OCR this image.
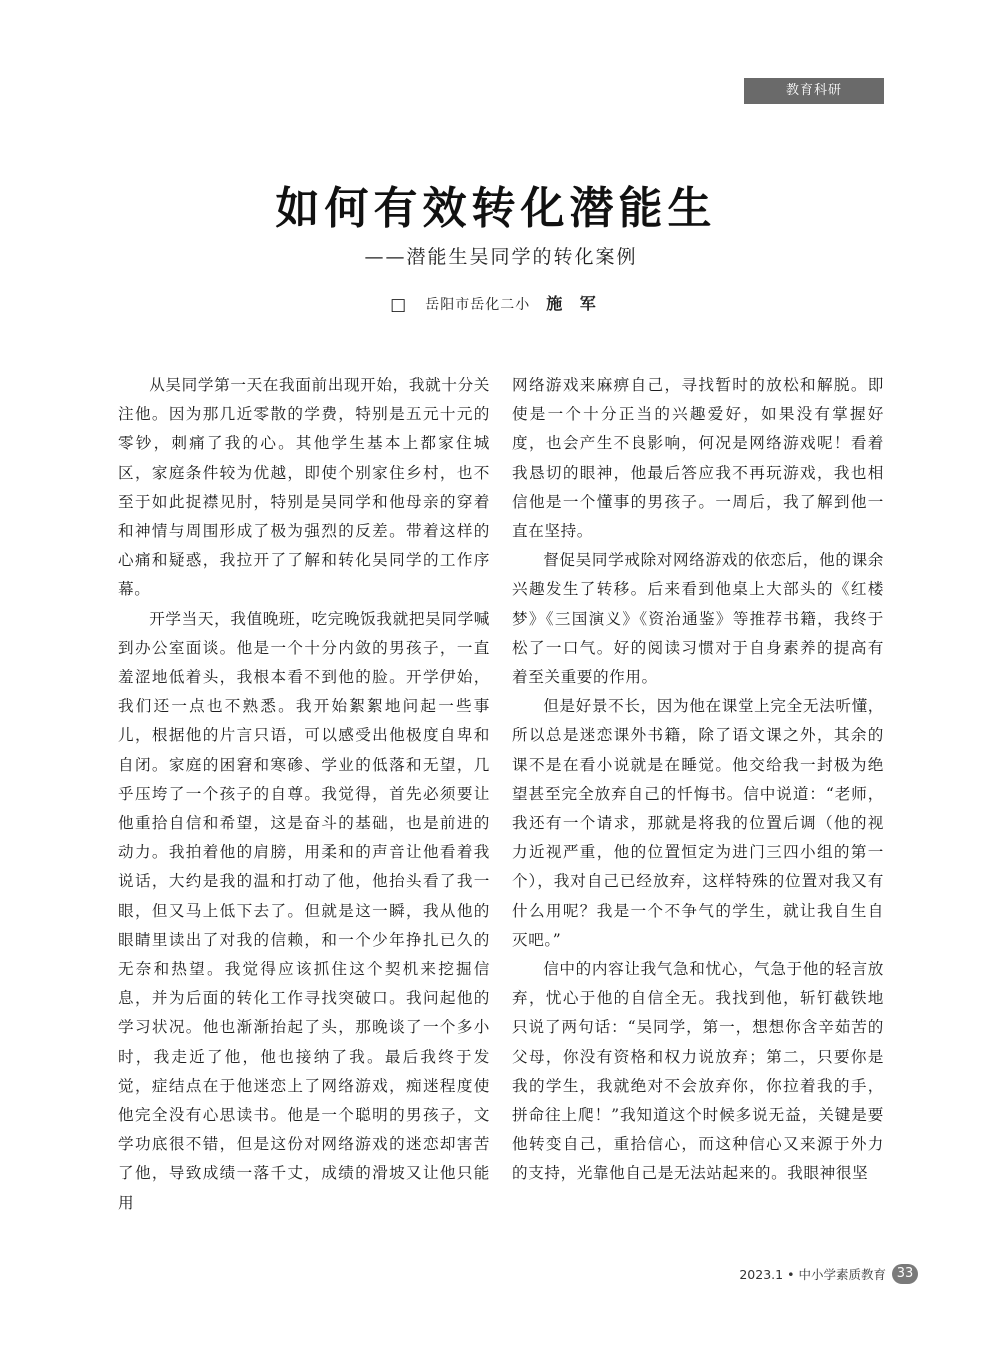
教育科研
如何有效转化潜能生
——潜能生吴同学的转化案例
□ 岳阳市岳化二小 施 军

从吴同学第一天在我面前出现开始，我就十分关注他。因为那几近零散的学费，特别是五元十元的零钞，刺痛了我的心。其他学生基本上都家住城区，家庭条件较为优越，即使个别家住乡村，也不至于如此捉襟见肘，特别是吴同学和他母亲的穿着和神情与周围形成了极为强烈的反差。带着这样的心痛和疑惑，我拉开了了解和转化吴同学的工作序幕。

开学当天，我值晚班，吃完晚饭我就把吴同学喊到办公室面谈。他是一个十分内敛的男孩子，一直羞涩地低着头，我根本看不到他的脸。开学伊始，我们还一点也不熟悉。我开始絮絮地问起一些事儿，根据他的片言只语，可以感受出他极度自卑和自闭。家庭的困窘和寒碜、学业的低落和无望，几乎压垮了一个孩子的自尊。我觉得，首先必须要让他重拾自信和希望，这是奋斗的基础，也是前进的动力。我拍着他的肩膀，用柔和的声音让他看着我说话，大约是我的温和打动了他，他抬头看了我一眼，但又马上低下去了。但就是这一瞬，我从他的眼睛里读出了对我的信赖，和一个少年挣扎已久的无奈和热望。我觉得应该抓住这个契机来挖掘信息，并为后面的转化工作寻找突破口。我问起他的学习状况。他也渐渐抬起了头，那晚谈了一个多小时，我走近了他，他也接纳了我。最后我终于发觉，症结点在于他迷恋上了网络游戏，痴迷程度使他完全没有心思读书。他是一个聪明的男孩子，文学功底很不错，但是这份对网络游戏的迷恋却害苦了他，导致成绩一落千丈，成绩的滑坡又让他只能用

网络游戏来麻痹自己，寻找暂时的放松和解脱。即使是一个十分正当的兴趣爱好，如果没有掌握好度，也会产生不良影响，何况是网络游戏呢！看着我恳切的眼神，他最后答应我不再玩游戏，我也相信他是一个懂事的男孩子。一周后，我了解到他一直在坚持。

督促吴同学戒除对网络游戏的依恋后，他的课余兴趣发生了转移。后来看到他桌上大部头的《红楼梦》《三国演义》《资治通鉴》等推荐书籍，我终于松了一口气。好的阅读习惯对于自身素养的提高有着至关重要的作用。

但是好景不长，因为他在课堂上完全无法听懂，所以总是迷恋课外书籍，除了语文课之外，其余的课不是在看小说就是在睡觉。他交给我一封极为绝望甚至完全放弃自己的忏悔书。信中说道：“老师，我还有一个请求，那就是将我的位置后调（他的视力近视严重，他的位置恒定为进门三四小组的第一个），我对自己已经放弃，这样特殊的位置对我又有什么用呢？我是一个不争气的学生，就让我自生自灭吧。”

信中的内容让我气急和忧心，气急于他的轻言放弃，忧心于他的自信全无。我找到他，斩钉截铁地只说了两句话：“吴同学，第一，想想你含辛茹苦的父母，你没有资格和权力说放弃；第二，只要你是我的学生，我就绝对不会放弃你，你拉着我的手，拼命往上爬！”我知道这个时候多说无益，关键是要他转变自己，重拾信心，而这种信心又来源于外力的支持，光靠他自己是无法站起来的。我眼神很坚

2023.1 • 中小学素质教育 33
